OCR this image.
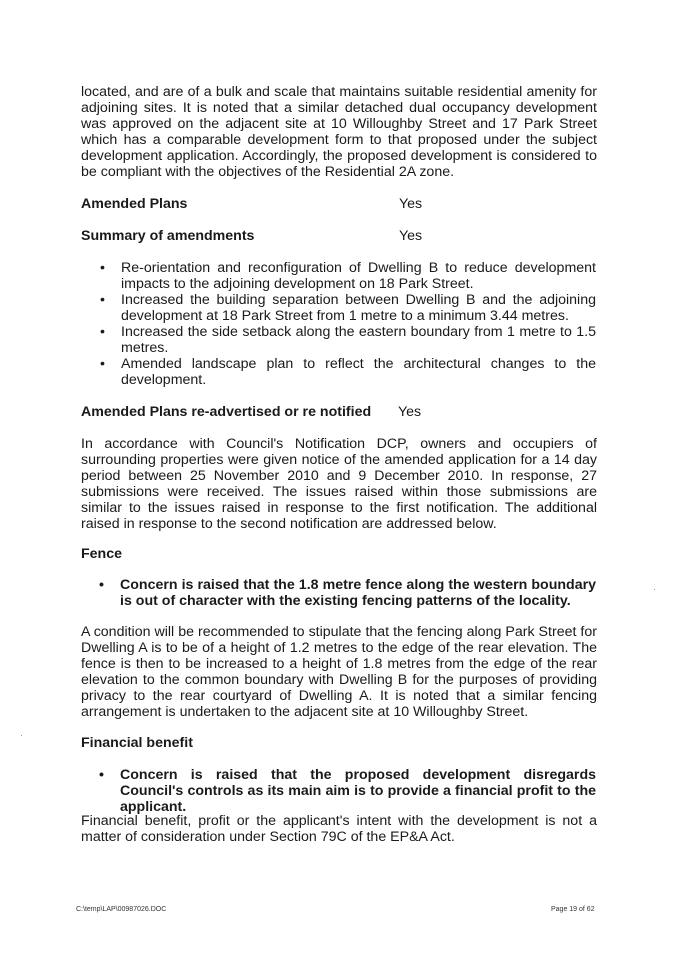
located, and are of a bulk and scale that maintains suitable residential amenity for adjoining sites. It is noted that a similar detached dual occupancy development was approved on the adjacent site at 10 Willoughby Street and 17 Park Street which has a comparable development form to that proposed under the subject development application. Accordingly, the proposed development is considered to be compliant with the objectives of the Residential 2A zone.

Amended Plans	Yes
Summary of amendments	Yes
• Re-orientation and reconfiguration of Dwelling B to reduce development impacts to the adjoining development on 18 Park Street.
• Increased the building separation between Dwelling B and the adjoining development at 18 Park Street from 1 metre to a minimum 3.44 metres.
• Increased the side setback along the eastern boundary from 1 metre to 1.5 metres.
• Amended landscape plan to reflect the architectural changes to the development.
Amended Plans re-advertised or re notified Yes

In accordance with Council's Notification DCP, owners and occupiers of surrounding properties were given notice of the amended application for a 14 day period between 25 November 2010 and 9 December 2010. In response, 27 submissions were received. The issues raised within those submissions are similar to the issues raised in response to the first notification. The additional raised in response to the second notification are addressed below.

Fence
• Concern is raised that the 1.8 metre fence along the western boundary is out of character with the existing fencing patterns of the locality.

A condition will be recommended to stipulate that the fencing along Park Street for Dwelling A is to be of a height of 1.2 metres to the edge of the rear elevation. The fence is then to be increased to a height of 1.8 metres from the edge of the rear elevation to the common boundary with Dwelling B for the purposes of providing privacy to the rear courtyard of Dwelling A. It is noted that a similar fencing arrangement is undertaken to the adjacent site at 10 Willoughby Street.

Financial benefit
• Concern is raised that the proposed development disregards Council's controls as its main aim is to provide a financial profit to the applicant.

Financial benefit, profit or the applicant's intent with the development is not a matter of consideration under Section 79C of the EP&A Act.

C:\temp\LAP\00987026.DOC	Page 19 of 62
